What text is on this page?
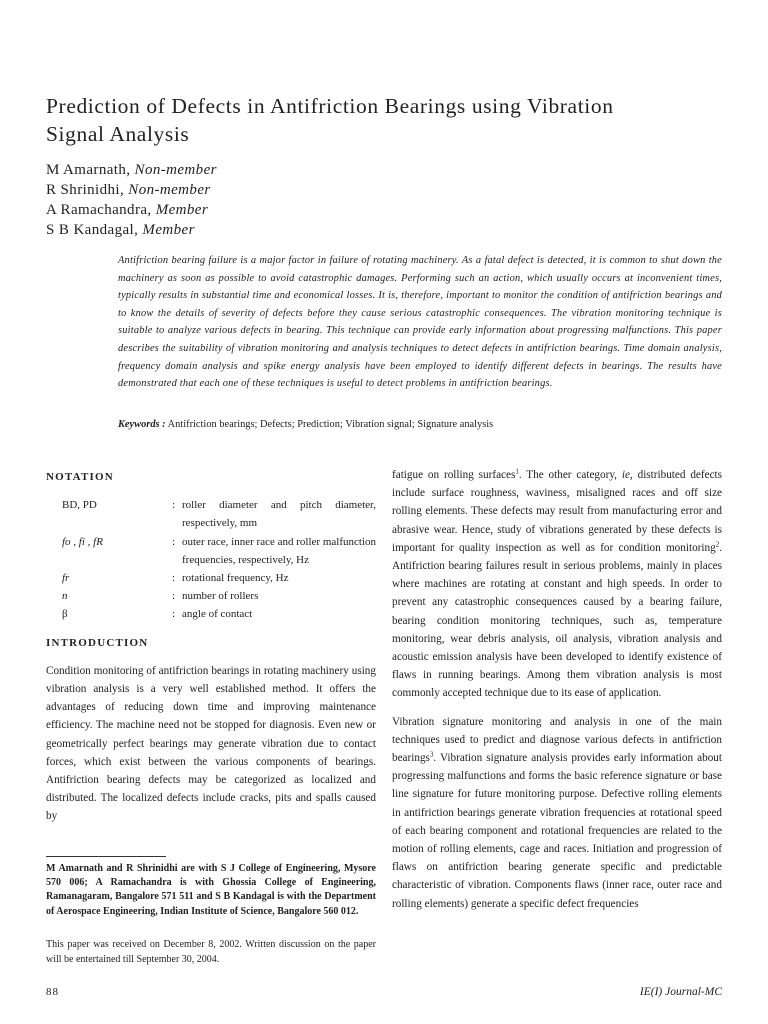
Prediction of Defects in Antifriction Bearings using Vibration Signal Analysis
M Amarnath, Non-member
R Shrinidhi, Non-member
A Ramachandra, Member
S B Kandagal, Member

Antifriction bearing failure is a major factor in failure of rotating machinery. As a fatal defect is detected, it is common to shut down the machinery as soon as possible to avoid catastrophic damages. Performing such an action, which usually occurs at inconvenient times, typically results in substantial time and economical losses. It is, therefore, important to monitor the condition of antifriction bearings and to know the details of severity of defects before they cause serious catastrophic consequences. The vibration monitoring technique is suitable to analyze various defects in bearing. This technique can provide early information about progressing malfunctions. This paper describes the suitability of vibration monitoring and analysis techniques to detect defects in antifriction bearings. Time domain analysis, frequency domain analysis and spike energy analysis have been employed to identify different defects in bearings. The results have demonstrated that each one of these techniques is useful to detect problems in antifriction bearings.

Keywords : Antifriction bearings; Defects; Prediction; Vibration signal; Signature analysis
NOTATION
BD, PD	: roller diameter and pitch diameter, respectively, mm
fo , fi , fR	: outer race, inner race and roller malfunction frequencies, respectively, Hz
fr	: rotational frequency, Hz
n	: number of rollers
β	: angle of contact
INTRODUCTION

Condition monitoring of antifriction bearings in rotating machinery using vibration analysis is a very well established method. It offers the advantages of reducing down time and improving maintenance efficiency. The machine need not be stopped for diagnosis. Even new or geometrically perfect bearings may generate vibration due to contact forces, which exist between the various components of bearings. Antifriction bearing defects may be categorized as localized and distributed. The localized defects include cracks, pits and spalls caused by

fatigue on rolling surfaces$^1$. The other category, ie, distributed defects include surface roughness, waviness, misaligned races and off size rolling elements. These defects may result from manufacturing error and abrasive wear. Hence, study of vibrations generated by these defects is important for quality inspection as well as for condition monitoring$^2$. Antifriction bearing failures result in serious problems, mainly in places where machines are rotating at constant and high speeds. In order to prevent any catastrophic consequences caused by a bearing failure, bearing condition monitoring techniques, such as, temperature monitoring, wear debris analysis, oil analysis, vibration analysis and acoustic emission analysis have been developed to identify existence of flaws in running bearings. Among them vibration analysis is most commonly accepted technique due to its ease of application.

Vibration signature monitoring and analysis in one of the main techniques used to predict and diagnose various defects in antifriction bearings$^3$. Vibration signature analysis provides early information about progressing malfunctions and forms the basic reference signature or base line signature for future monitoring purpose. Defective rolling elements in antifriction bearings generate vibration frequencies at rotational speed of each bearing component and rotational frequencies are related to the motion of rolling elements, cage and races. Initiation and progression of flaws on antifriction bearing generate specific and predictable characteristic of vibration. Components flaws (inner race, outer race and rolling elements) generate a specific defect frequencies

M Amarnath and R Shrinidhi are with S J College of Engineering, Mysore 570 006; A Ramachandra is with Ghossia College of Engineering, Ramanagaram, Bangalore 571 511 and S B Kandagal is with the Department of Aerospace Engineering, Indian Institute of Science, Bangalore 560 012.

This paper was received on December 8, 2002. Written discussion on the paper will be entertained till September 30, 2004.

88	IE(I) Journal-MC
